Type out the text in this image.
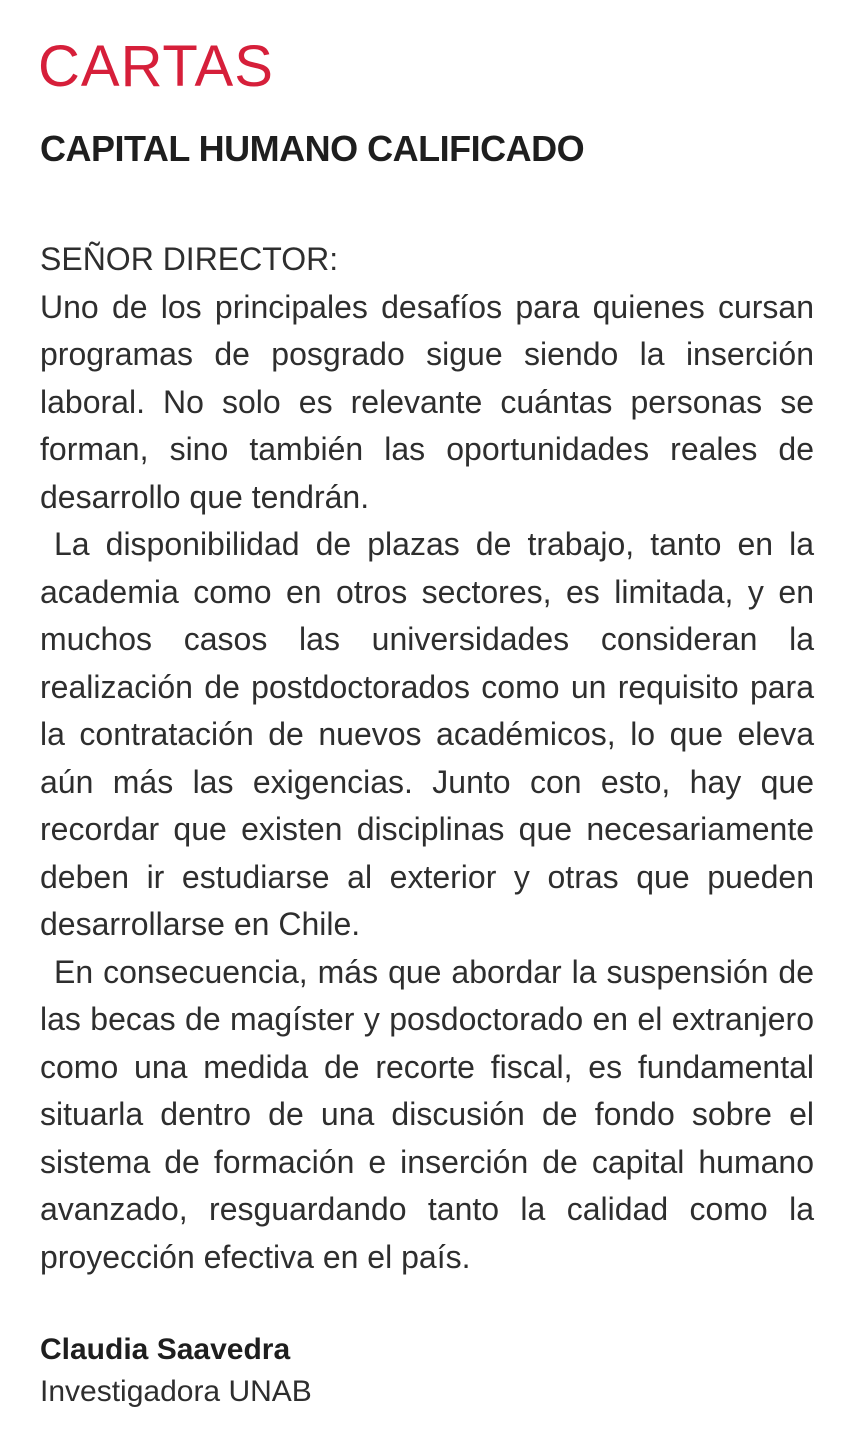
CARTAS
CAPITAL HUMANO CALIFICADO
SEÑOR DIRECTOR:

Uno de los principales desafíos para quienes cursan programas de posgrado sigue siendo la inserción laboral. No solo es relevante cuántas personas se forman, sino también las oportunidades reales de desarrollo que tendrán.

La disponibilidad de plazas de trabajo, tanto en la academia como en otros sectores, es limitada, y en muchos casos las universidades consideran la realización de postdoctorados como un requisito para la contratación de nuevos académicos, lo que eleva aún más las exigencias. Junto con esto, hay que recordar que existen disciplinas que necesariamente deben ir estudiarse al exterior y otras que pueden desarrollarse en Chile.

En consecuencia, más que abordar la suspensión de las becas de magíster y posdoctorado en el extranjero como una medida de recorte fiscal, es fundamental situarla dentro de una discusión de fondo sobre el sistema de formación e inserción de capital humano avanzado, resguardando tanto la calidad como la proyección efectiva en el país.

Claudia Saavedra
Investigadora UNAB
